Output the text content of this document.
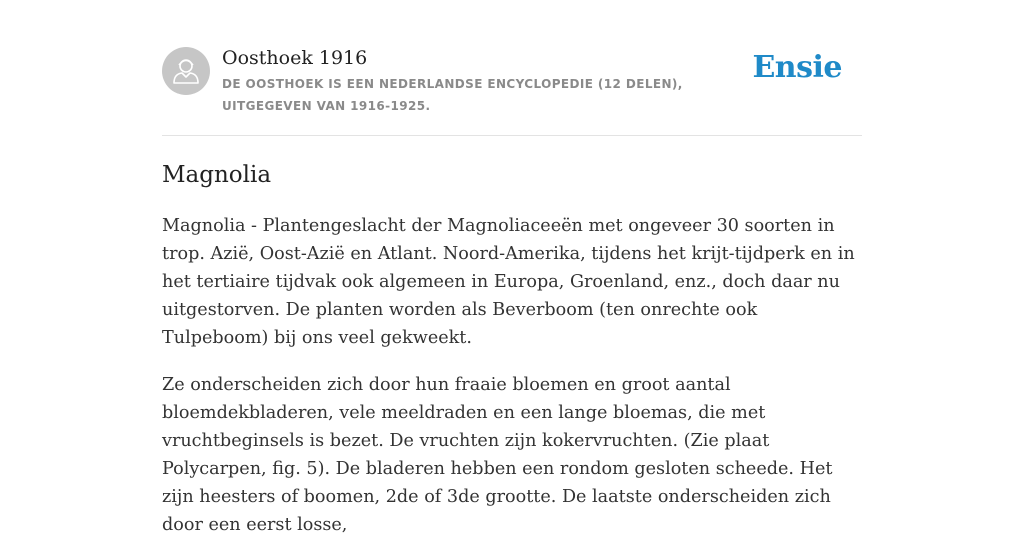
Oosthoek 1916
DE OOSTHOEK IS EEN NEDERLANDSE ENCYCLOPEDIE (12 DELEN), UITGEGEVEN VAN 1916-1925.
Ensie
Magnolia

Magnolia - Plantengeslacht der Magnoliaceeën met ongeveer 30 soorten in trop. Azië, Oost-Azië en Atlant. Noord-Amerika, tijdens het krijt-tijdperk en in het tertiaire tijdvak ook algemeen in Europa, Groenland, enz., doch daar nu uitgestorven. De planten worden als Beverboom (ten onrechte ook Tulpeboom) bij ons veel gekweekt.

Ze onderscheiden zich door hun fraaie bloemen en groot aantal bloemdekbladeren, vele meeldraden en een lange bloemas, die met vruchtbeginsels is bezet. De vruchten zijn kokervruchten. (Zie plaat Polycarpen, fig. 5). De bladeren hebben een rondom gesloten scheede. Het zijn heesters of boomen, 2de of 3de grootte. De laatste onderscheiden zich door een eerst losse,
